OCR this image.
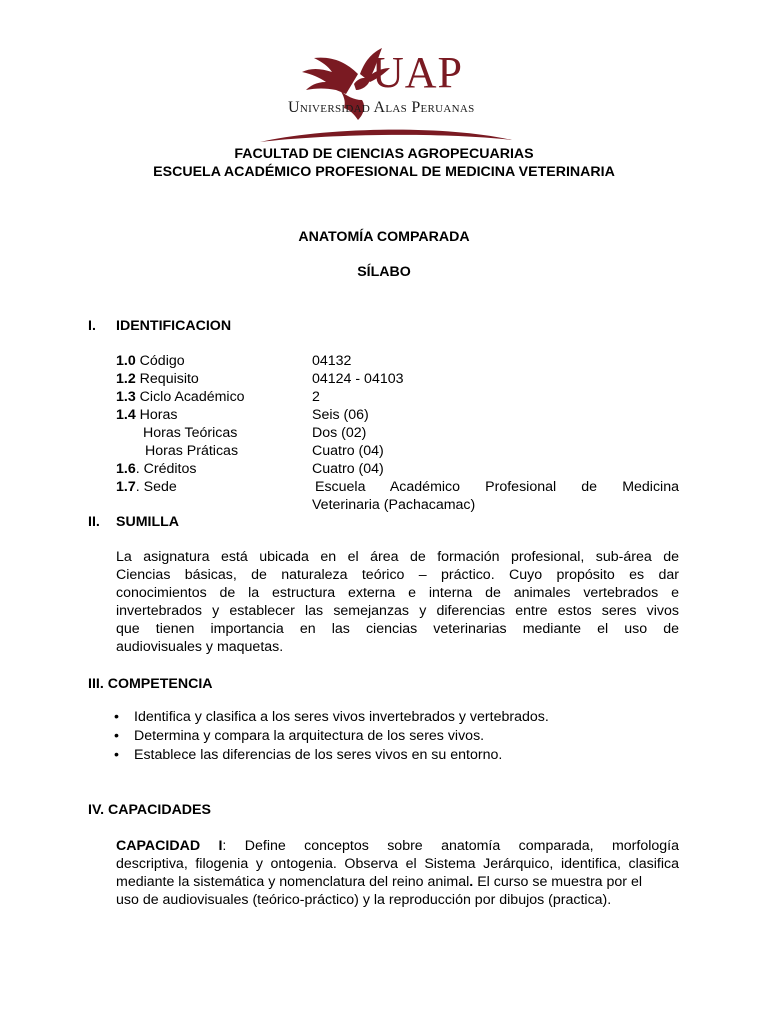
UAP
Universidad Alas Peruanas
FACULTAD DE CIENCIAS AGROPECUARIAS
ESCUELA ACADÉMICO PROFESIONAL DE MEDICINA VETERINARIA
ANATOMÍA COMPARADA
SÍLABO
I. IDENTIFICACION
1.0 Código	04132
1.2 Requisito	04124 - 04103
1.3 Ciclo Académico	2
1.4 Horas	Seis (06)
Horas Teóricas	Dos (02)
Horas Práticas	Cuatro (04)
1.6. Créditos	Cuatro (04)
1.7. Sede	Escuela Académico Profesional de Medicina
Veterinaria (Pachacamac)
II. SUMILLA
La asignatura está ubicada en el área de formación profesional, sub-área de
Ciencias básicas, de naturaleza teórico – práctico. Cuyo propósito es dar
conocimientos de la estructura externa e interna de animales vertebrados e
invertebrados y establecer las semejanzas y diferencias entre estos seres vivos
que tienen importancia en las ciencias veterinarias mediante el uso de
audiovisuales y maquetas.
III. COMPETENCIA
• Identifica y clasifica a los seres vivos invertebrados y vertebrados.
• Determina y compara la arquitectura de los seres vivos.
• Establece las diferencias de los seres vivos en su entorno.
IV. CAPACIDADES
CAPACIDAD I: Define conceptos sobre anatomía comparada, morfología
descriptiva, filogenia y ontogenia. Observa el Sistema Jerárquico, identifica, clasifica
mediante la sistemática y nomenclatura del reino animal. El curso se muestra por el
uso de audiovisuales (teórico-práctico) y la reproducción por dibujos (practica).
